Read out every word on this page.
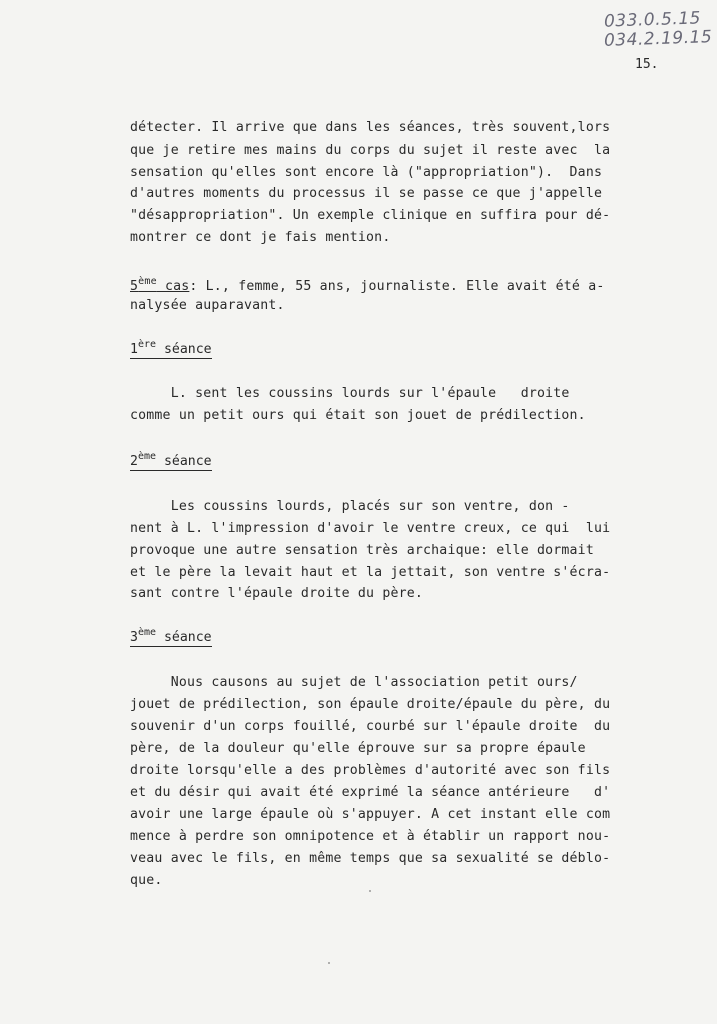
033.0.5.15
034.2.19.15
15.
détecter. Il arrive que dans les séances, très souvent,lors
que je retire mes mains du corps du sujet il reste avec  la
sensation qu'elles sont encore là ("appropriation").  Dans
d'autres moments du processus il se passe ce que j'appelle
"désappropriation". Un exemple clinique en suffira pour dé-
montrer ce dont je fais mention.
5ème cas: L., femme, 55 ans, journaliste. Elle avait été a-
nalysée auparavant.
1ère séance
L. sent les coussins lourds sur l'épaule   droite
comme un petit ours qui était son jouet de prédilection.
2ème séance
Les coussins lourds, placés sur son ventre, don -
nent à L. l'impression d'avoir le ventre creux, ce qui  lui
provoque une autre sensation très archaique: elle dormait
et le père la levait haut et la jettait, son ventre s'écra-
sant contre l'épaule droite du père.
3ème séance
Nous causons au sujet de l'association petit ours/
jouet de prédilection, son épaule droite/épaule du père, du
souvenir d'un corps fouillé, courbé sur l'épaule droite  du
père, de la douleur qu'elle éprouve sur sa propre épaule
droite lorsqu'elle a des problèmes d'autorité avec son fils
et du désir qui avait été exprimé la séance antérieure   d'
avoir une large épaule où s'appuyer. A cet instant elle com
mence à perdre son omnipotence et à établir un rapport nou-
veau avec le fils, en même temps que sa sexualité se déblo-
que.
